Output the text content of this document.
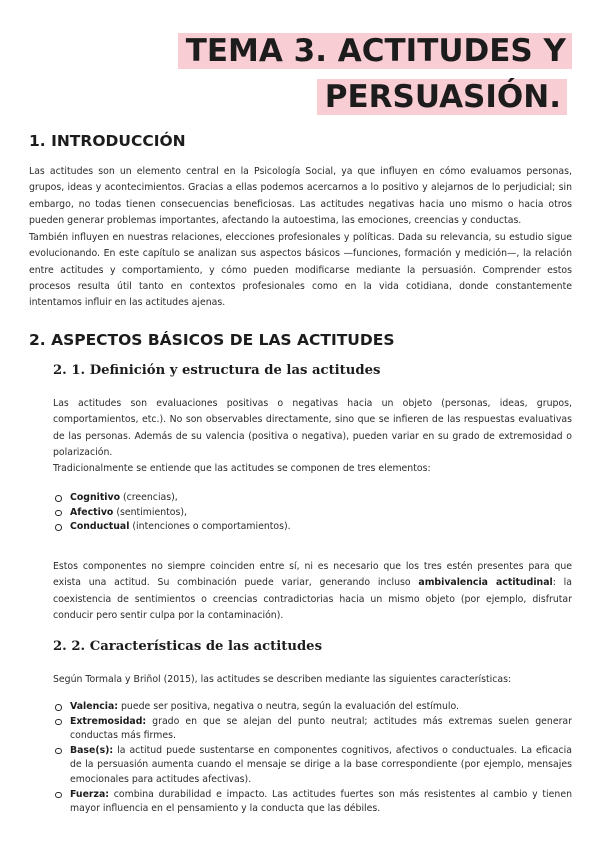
TEMA 3. ACTITUDES Y
PERSUASIÓN.
1. INTRODUCCIÓN

Las actitudes son un elemento central en la Psicología Social, ya que influyen en cómo evaluamos personas, grupos, ideas y acontecimientos. Gracias a ellas podemos acercarnos a lo positivo y alejarnos de lo perjudicial; sin embargo, no todas tienen consecuencias beneficiosas. Las actitudes negativas hacia uno mismo o hacia otros pueden generar problemas importantes, afectando la autoestima, las emociones, creencias y conductas.

También influyen en nuestras relaciones, elecciones profesionales y políticas. Dada su relevancia, su estudio sigue evolucionando. En este capítulo se analizan sus aspectos básicos —funciones, formación y medición—, la relación entre actitudes y comportamiento, y cómo pueden modificarse mediante la persuasión. Comprender estos procesos resulta útil tanto en contextos profesionales como en la vida cotidiana, donde constantemente intentamos influir en las actitudes ajenas.

2. ASPECTOS BÁSICOS DE LAS ACTITUDES
2. 1. Definición y estructura de las actitudes

Las actitudes son evaluaciones positivas o negativas hacia un objeto (personas, ideas, grupos, comportamientos, etc.). No son observables directamente, sino que se infieren de las respuestas evaluativas de las personas. Además de su valencia (positiva o negativa), pueden variar en su grado de extremosidad o polarización.

Tradicionalmente se entiende que las actitudes se componen de tres elementos:

Cognitivo (creencias),
Afectivo (sentimientos),
Conductual (intenciones o comportamientos).

Estos componentes no siempre coinciden entre sí, ni es necesario que los tres estén presentes para que exista una actitud. Su combinación puede variar, generando incluso ambivalencia actitudinal: la coexistencia de sentimientos o creencias contradictorias hacia un mismo objeto (por ejemplo, disfrutar conducir pero sentir culpa por la contaminación).

2. 2. Características de las actitudes

Según Tormala y Briñol (2015), las actitudes se describen mediante las siguientes características:

Valencia: puede ser positiva, negativa o neutra, según la evaluación del estímulo.
Extremosidad: grado en que se alejan del punto neutral; actitudes más extremas suelen generar conductas más firmes.
Base(s): la actitud puede sustentarse en componentes cognitivos, afectivos o conductuales. La eficacia de la persuasión aumenta cuando el mensaje se dirige a la base correspondiente (por ejemplo, mensajes emocionales para actitudes afectivas).
Fuerza: combina durabilidad e impacto. Las actitudes fuertes son más resistentes al cambio y tienen mayor influencia en el pensamiento y la conducta que las débiles.
